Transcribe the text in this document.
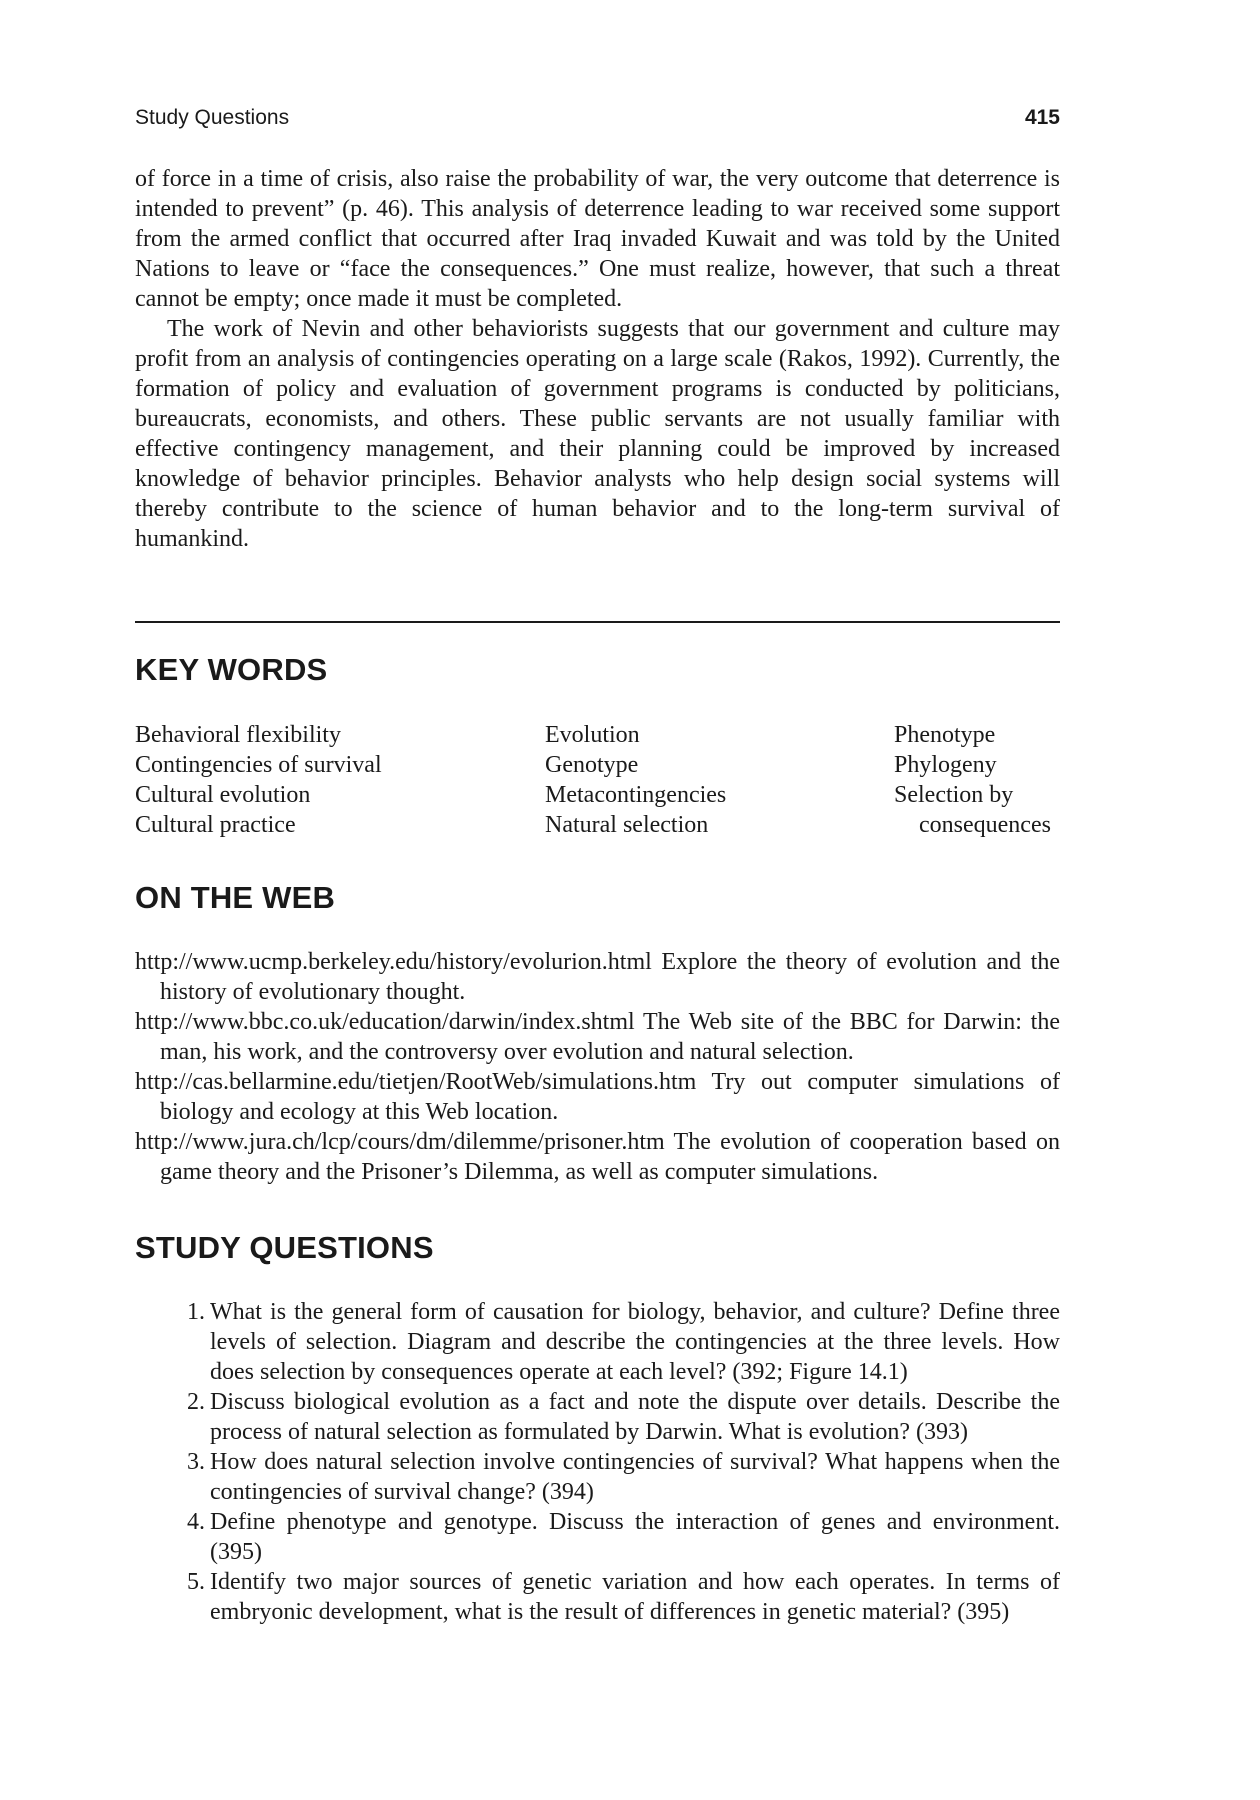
Study Questions	415

of force in a time of crisis, also raise the probability of war, the very outcome that deterrence is intended to prevent” (p. 46). This analysis of deterrence leading to war received some support from the armed conflict that occurred after Iraq invaded Kuwait and was told by the United Nations to leave or “face the consequences.” One must realize, however, that such a threat cannot be empty; once made it must be completed.

The work of Nevin and other behaviorists suggests that our government and culture may profit from an analysis of contingencies operating on a large scale (Rakos, 1992). Currently, the formation of policy and evaluation of government programs is conducted by politicians, bureaucrats, economists, and others. These public servants are not usually familiar with effective contingency management, and their planning could be improved by increased knowledge of behavior principles. Behavior analysts who help design social systems will thereby contribute to the science of human behavior and to the long-term survival of humankind.

KEY WORDS
Behavioral flexibility
Contingencies of survival
Cultural evolution
Cultural practice
Evolution
Genotype
Metacontingencies
Natural selection
Phenotype
Phylogeny
Selection by
consequences
ON THE WEB
http://www.ucmp.berkeley.edu/history/evolurion.html Explore the theory of evolution and the history of evolutionary thought.
http://www.bbc.co.uk/education/darwin/index.shtml The Web site of the BBC for Darwin: the man, his work, and the controversy over evolution and natural selection.
http://cas.bellarmine.edu/tietjen/RootWeb/simulations.htm Try out computer simulations of biology and ecology at this Web location.
http://www.jura.ch/lcp/cours/dm/dilemme/prisoner.htm The evolution of cooperation based on game theory and the Prisoner’s Dilemma, as well as computer simulations.
STUDY QUESTIONS
1. What is the general form of causation for biology, behavior, and culture? Define three levels of selection. Diagram and describe the contingencies at the three levels. How does selection by consequences operate at each level? (392; Figure 14.1)
2. Discuss biological evolution as a fact and note the dispute over details. Describe the process of natural selection as formulated by Darwin. What is evolution? (393)
3. How does natural selection involve contingencies of survival? What happens when the contingencies of survival change? (394)
4. Define phenotype and genotype. Discuss the interaction of genes and environment. (395)
5. Identify two major sources of genetic variation and how each operates. In terms of embryonic development, what is the result of differences in genetic material? (395)
